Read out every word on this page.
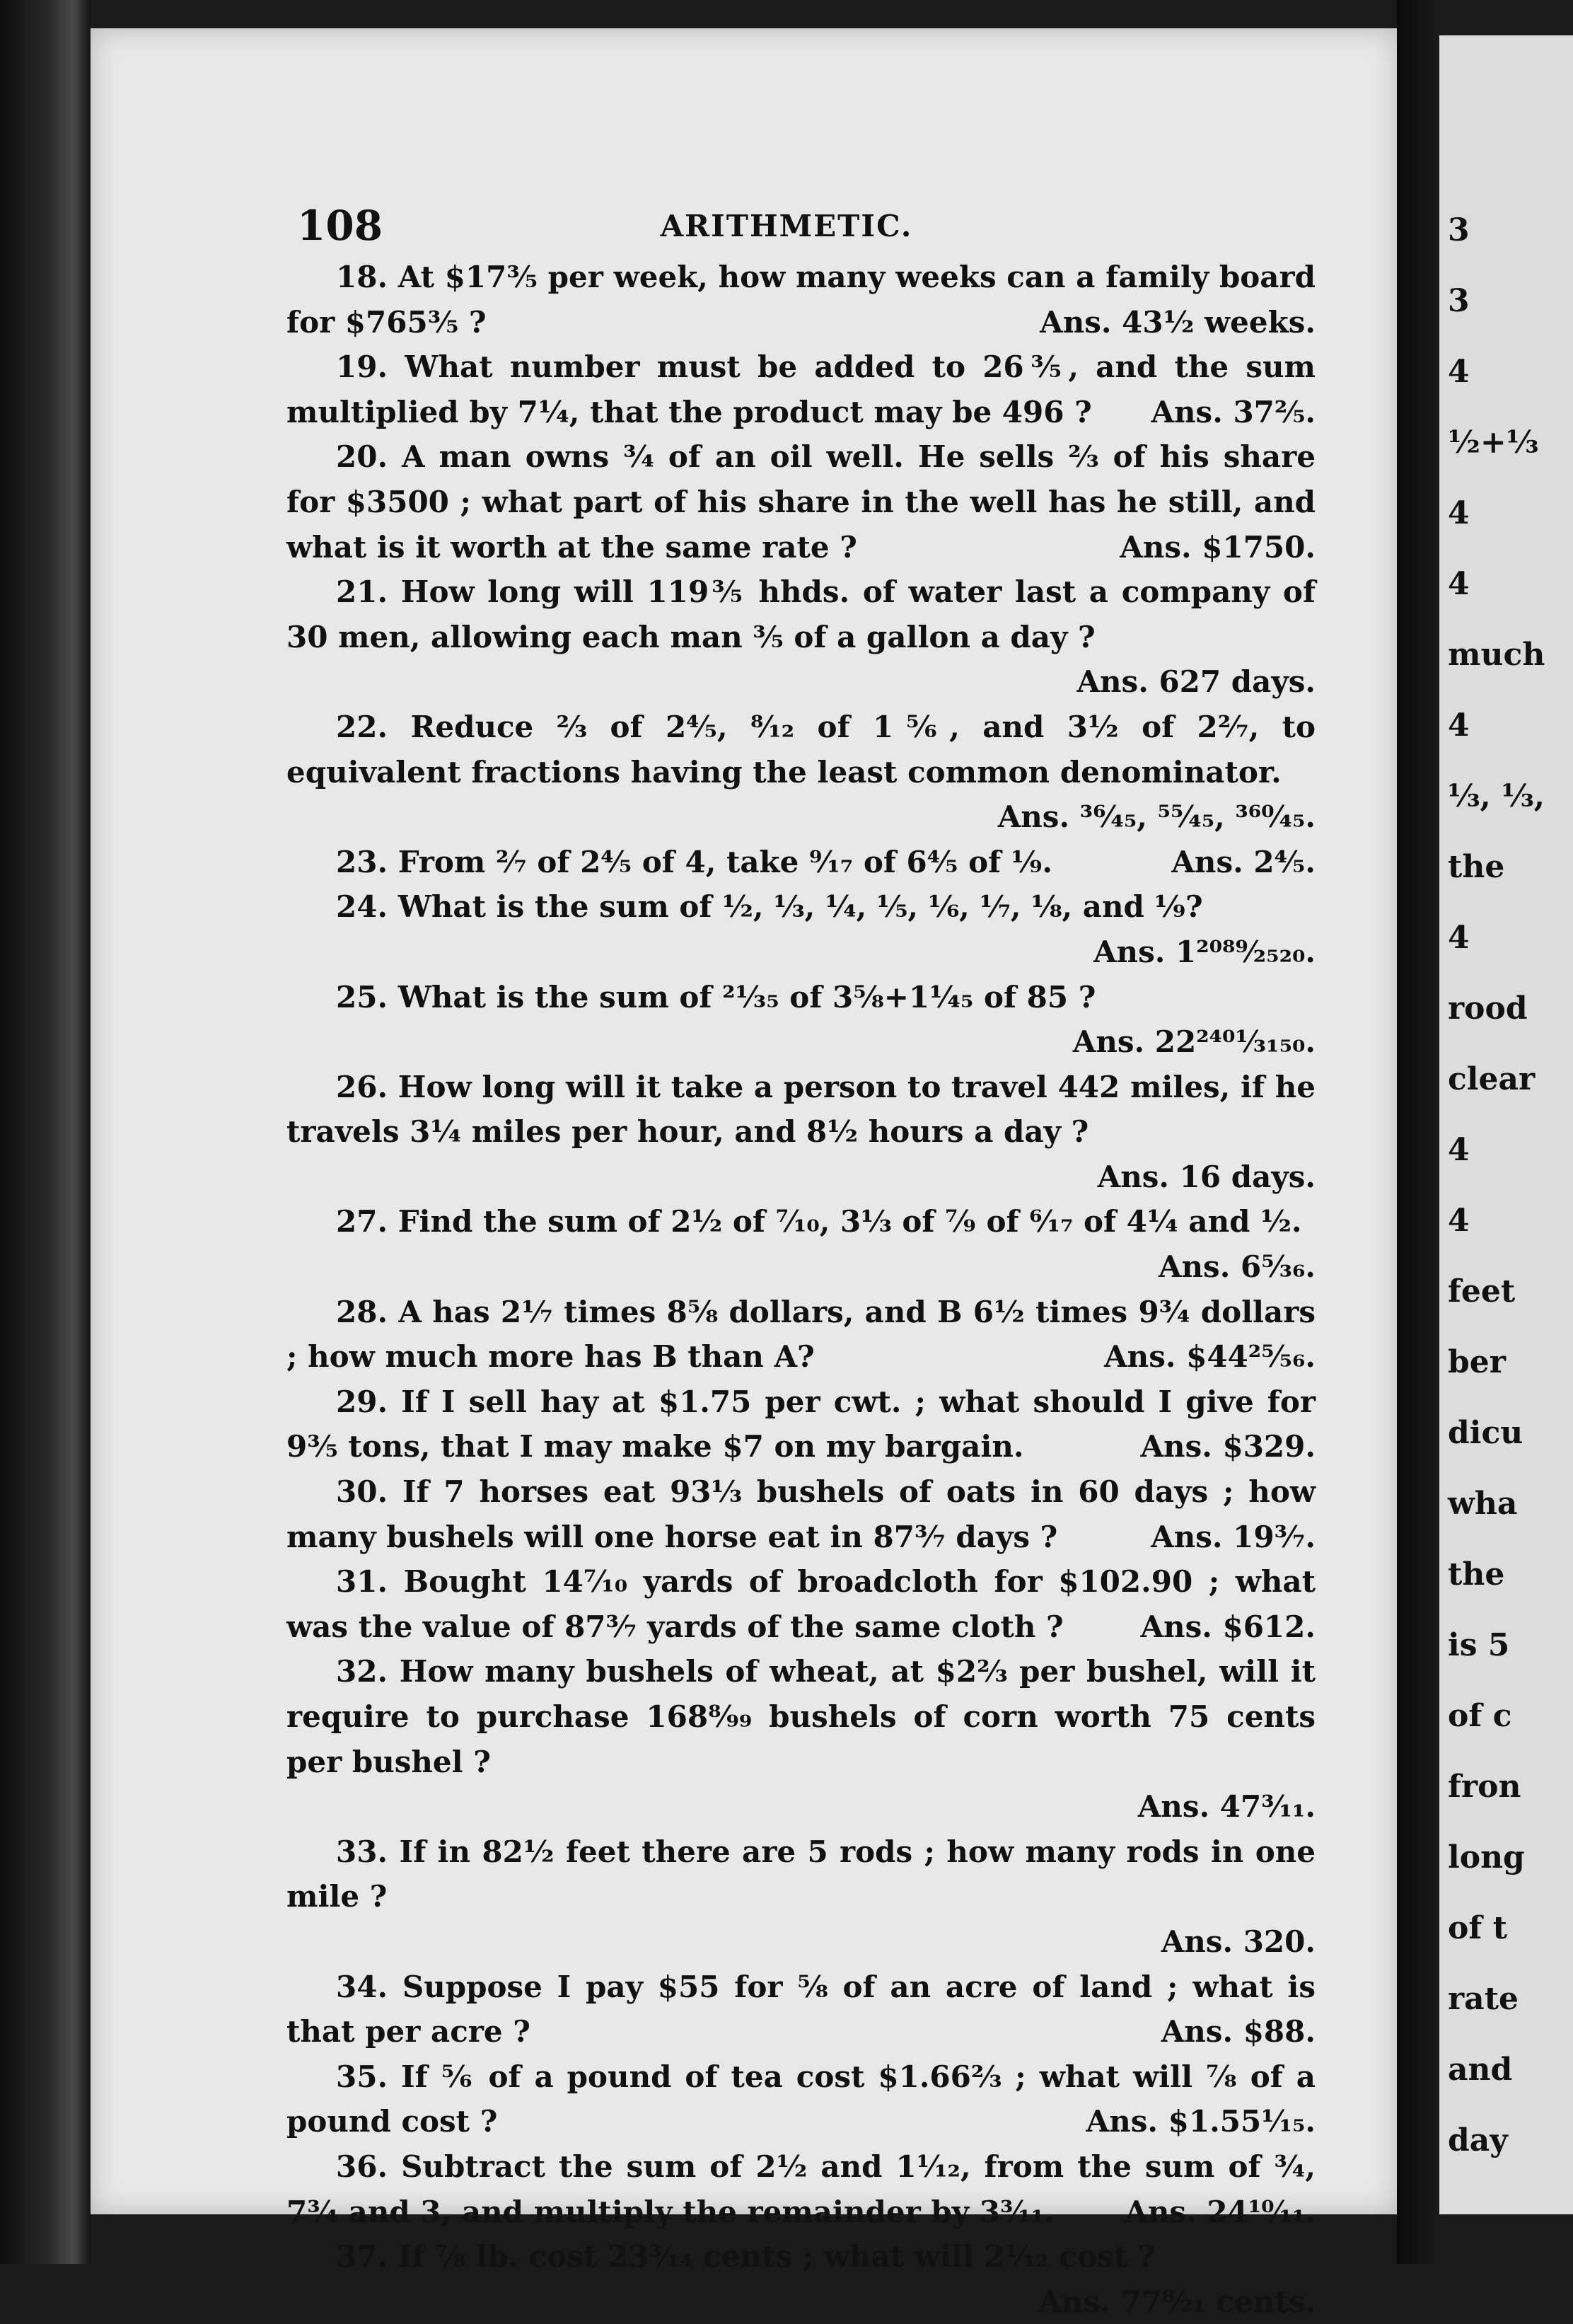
108	ARITHMETIC.
18. At $17⅗ per week, how many weeks can a family board for $765⅗ ?	Ans. 43½ weeks.
19. What number must be added to 26⅗, and the sum multiplied by 7¼, that the product may be 496 ?	Ans. 37⅖.
20. A man owns ¾ of an oil well. He sells ⅔ of his share for $3500 ; what part of his share in the well has he still, and what is it worth at the same rate ?	Ans. $1750.
21. How long will 119⅗ hhds. of water last a company of 30 men, allowing each man ⅗ of a gallon a day ?
Ans. 627 days.
22. Reduce ⅔ of 2⁴⁄₅, ⁸⁄₁₂ of 1⅚, and 3½ of 2²⁄₇, to equivalent fractions having the least common denominator.
Ans. ³⁶⁄₄₅, ⁵⁵⁄₄₅, ³⁶⁰⁄₄₅.
23. From ²⁄₇ of 2⁴⁄₅ of 4, take ⁹⁄₁₇ of 6⁴⁄₅ of ⅑.	Ans. 2⁴⁄₅.
24. What is the sum of ½, ⅓, ¼, ⅕, ⅙, ⅐, ⅛, and ⅑?
Ans. 1²⁰⁸⁹⁄₂₅₂₀.
25. What is the sum of ²¹⁄₃₅ of 3⅝+1¹⁄₄₅ of 85 ?
Ans. 22²⁴⁰¹⁄₃₁₅₀.
26. How long will it take a person to travel 442 miles, if he travels 3¼ miles per hour, and 8½ hours a day ?
Ans. 16 days.
27. Find the sum of 2½ of ⁷⁄₁₀, 3⅓ of ⁷⁄₉ of ⁶⁄₁₇ of 4¼ and ½.
Ans. 6⁵⁄₃₆.
28. A has 2⅐ times 8⅝ dollars, and B 6½ times 9¾ dollars ; how much more has B than A?	Ans. $44²⁵⁄₅₆.
29. If I sell hay at $1.75 per cwt. ; what should I give for 9⅗ tons, that I may make $7 on my bargain.	Ans. $329.
30. If 7 horses eat 93⅓ bushels of oats in 60 days ; how many bushels will one horse eat in 87³⁄₇ days ?	Ans. 19³⁄₇.
31. Bought 14⁷⁄₁₀ yards of broadcloth for $102.90 ; what was the value of 87³⁄₇ yards of the same cloth ?	Ans. $612.
32. How many bushels of wheat, at $2⅔ per bushel, will it require to purchase 168⁸⁄₉₉ bushels of corn worth 75 cents per bushel ?
Ans. 47³⁄₁₁.
33. If in 82½ feet there are 5 rods ; how many rods in one mile ?
Ans. 320.
34. Suppose I pay $55 for ⅝ of an acre of land ; what is that per acre ?	Ans. $88.
35. If ⅚ of a pound of tea cost $1.66⅔ ; what will ⁷⁄₈ of a pound cost ?	Ans. $1.55¹⁄₁₅.
36. Subtract the sum of 2½ and 1¹⁄₁₂, from the sum of ¾, 7¾ and 3, and multiply the remainder by 3³⁄₁₁.	Ans. 24¹⁰⁄₁₁.
37. If ⅞ lb. cost 23³⁄₁₄ cents ; what will 2¹⁄₁₂ cost ?
Ans. 77⁸⁄₂₁ cents.
3
3
4
½+⅓
4
4
much
4
⅓, ⅓,
the
4
rood
clear
4
4
feet
ber
dicu
wha
the
is 5
of c
fron
long
of t
rate
and
day
